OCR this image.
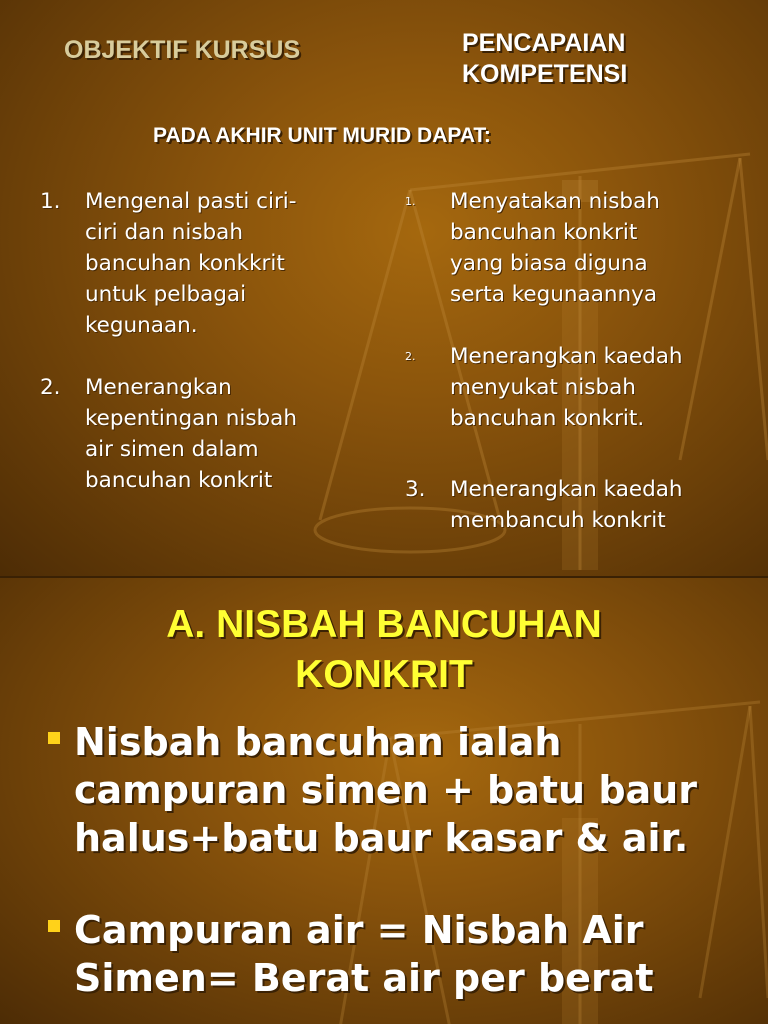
OBJEKTIF KURSUS	PENCAPAIAN
KOMPETENSI
PADA AKHIR UNIT MURID DAPAT:
1. Mengenal pasti ciri-
ciri dan nisbah
bancuhan konkkrit
untuk pelbagai
kegunaan.
2. Menerangkan
kepentingan nisbah
air simen dalam
bancuhan konkrit
1. Menyatakan nisbah
bancuhan konkrit
yang biasa diguna
serta kegunaannya
2. Menerangkan kaedah
menyukat nisbah
bancuhan konkrit.
3. Menerangkan kaedah
membancuh konkrit
A. NISBAH BANCUHAN
KONKRIT
Nisbah bancuhan ialah
campuran simen + batu baur
halus+batu baur kasar & air.
Campuran air = Nisbah Air
Simen= Berat air per berat
